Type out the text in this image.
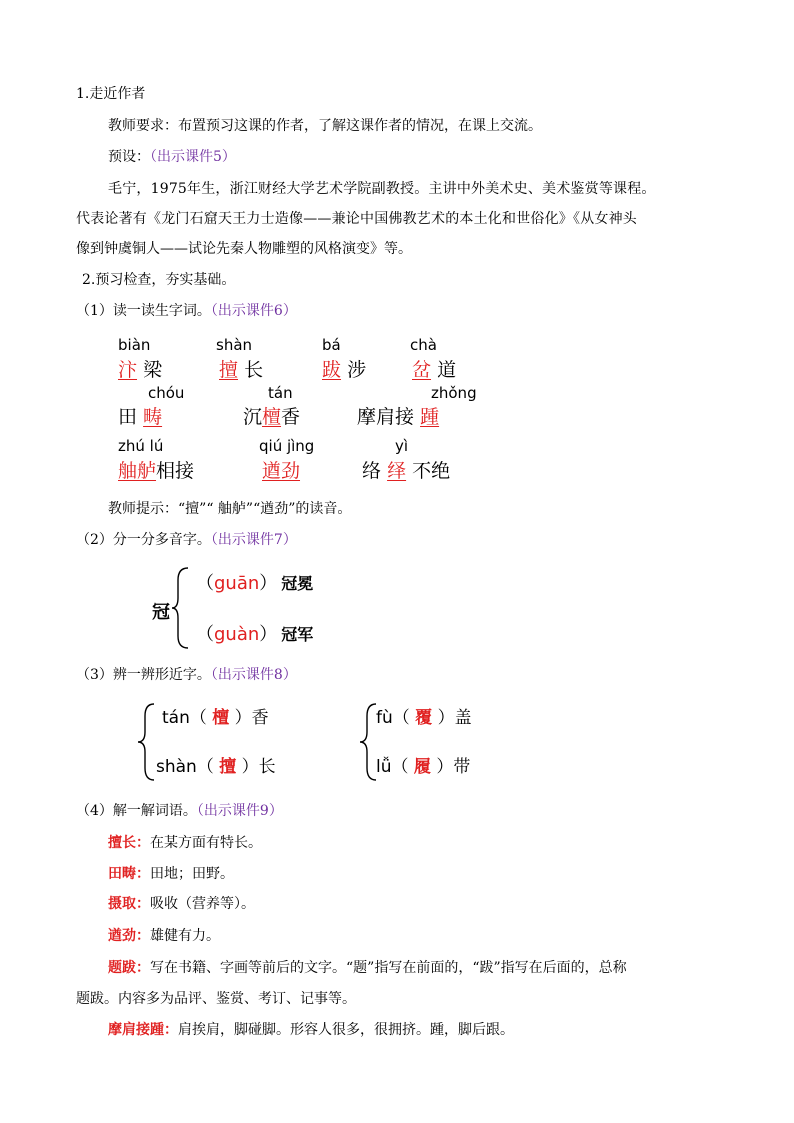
1.走近作者
教师要求：布置预习这课的作者，了解这课作者的情况，在课上交流。
预设：（出示课件5）
毛宁，1975年生，浙江财经大学艺术学院副教授。主讲中外美术史、美术鉴赏等课程。
代表论著有《龙门石窟天王力士造像——兼论中国佛教艺术的本土化和世俗化》《从女神头
像到钟虞铜人——试论先秦人物雕塑的风格演变》等。
2.预习检查，夯实基础。
（1）读一读生字词。（出示课件6）
biàn
汴 梁
shàn
擅 长
bá
跋 涉
chà
岔 道
chóu
田 畴
tán
沉檀香
zhǒng
摩肩接 踵
zhú lú
舳舻相接
qiú jìng
遒劲
yì
络 绎 不绝
教师提示：“擅”“ 舳舻”“遒劲”的读音。
（2）分一分多音字。（出示课件7）
冠
（guān） 冠冕
（guàn） 冠军
（3）辨一辨形近字。（出示课件8）
tán（ 檀 ）香
shàn（ 擅 ）长
fù（ 覆 ）盖
lǚ（ 履 ）带
（4）解一解词语。（出示课件9）
擅长：在某方面有特长。
田畴：田地；田野。
摄取：吸收（营养等）。
遒劲：雄健有力。
题跋：写在书籍、字画等前后的文字。“题”指写在前面的，“跋”指写在后面的，总称
题跋。内容多为品评、鉴赏、考订、记事等。
摩肩接踵：肩挨肩，脚碰脚。形容人很多，很拥挤。踵，脚后跟。
